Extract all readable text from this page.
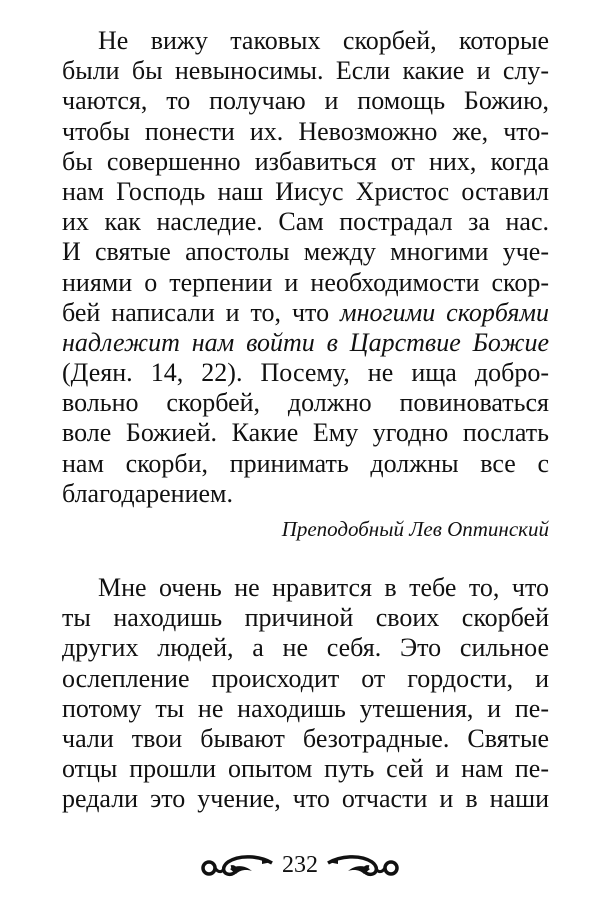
Не вижу таковых скорбей, которые
были бы невыносимы. Если какие и слу-
чаются, то получаю и помощь Божию,
чтобы понести их. Невозможно же, что-
бы совершенно избавиться от них, когда
нам Господь наш Иисус Христос оставил
их как наследие. Сам пострадал за нас.
И святые апостолы между многими уче-
ниями о терпении и необходимости скор-
бей написали и то, что многими скорбями
надлежит нам войти в Царствие Божие
(Деян. 14, 22). Посему, не ища добро-
вольно скорбей, должно повиноваться
воле Божией. Какие Ему угодно послать
нам скорби, принимать должны все с
благодарением.
Преподобный Лев Оптинский
Мне очень не нравится в тебе то, что
ты находишь причиной своих скорбей
других людей, а не себя. Это сильное
ослепление происходит от гордости, и
потому ты не находишь утешения, и пе-
чали твои бывают безотрадные. Святые
отцы прошли опытом путь сей и нам пе-
редали это учение, что отчасти и в наши
232
